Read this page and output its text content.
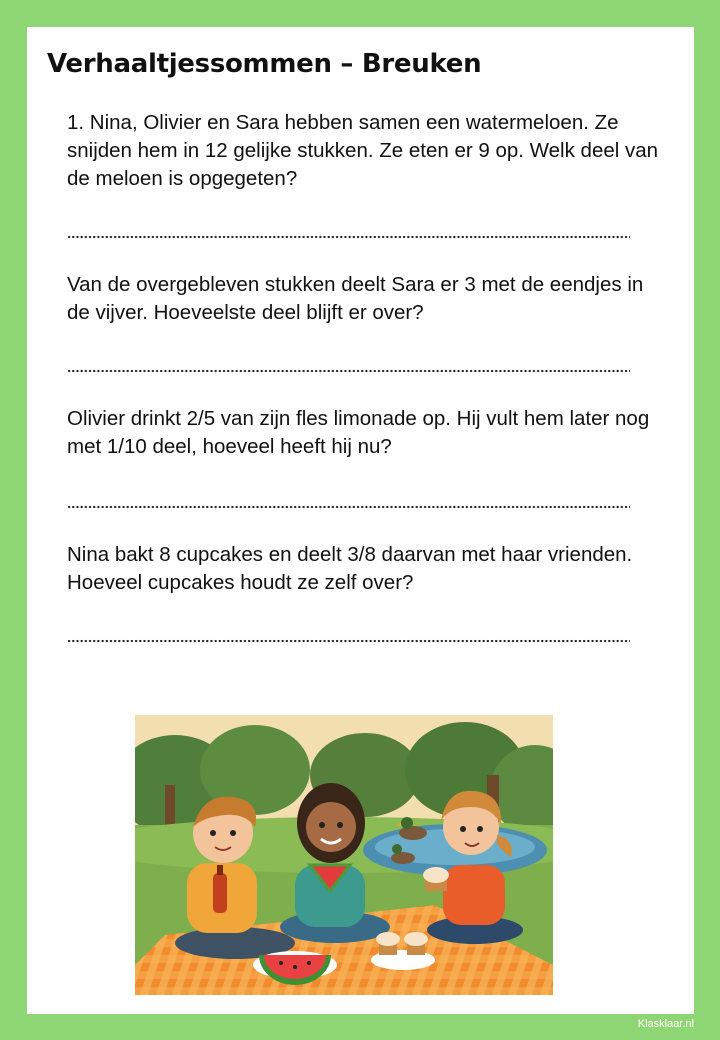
Verhaaltjessommen – Breuken

1. Nina, Olivier en Sara hebben samen een watermeloen. Ze snijden hem in 12 gelijke stukken. Ze eten er 9 op. Welk deel van de meloen is opgegeten?

Van de overgebleven stukken deelt Sara er 3 met de eendjes in de vijver. Hoeveelste deel blijft er over?

Olivier drinkt 2/5 van zijn fles limonade op. Hij vult hem later nog met 1/10 deel, hoeveel heeft hij nu?

Nina bakt 8 cupcakes en deelt 3/8 daarvan met haar vrienden. Hoeveel cupcakes houdt ze zelf over?

Klasklaar.nl
